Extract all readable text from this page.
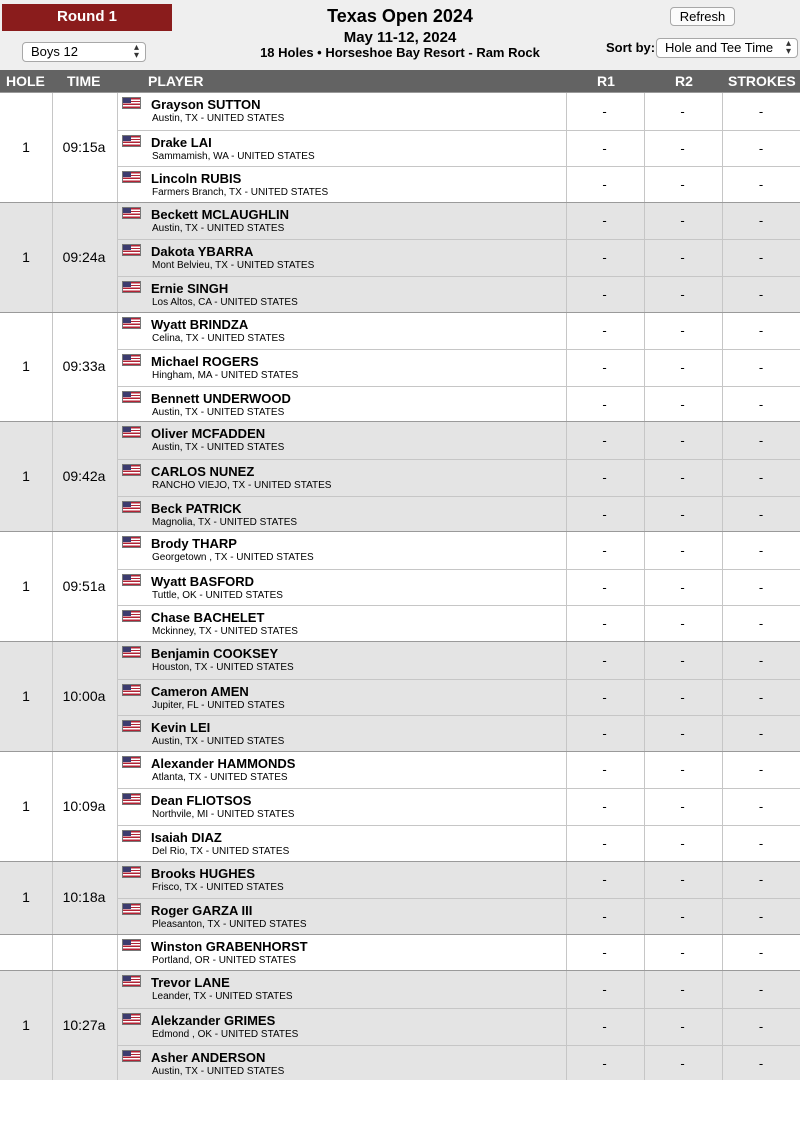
Round 1
Boys 12	▴
▾
Texas Open 2024
May 11-12, 2024
18 Holes • Horseshoe Bay Resort - Ram Rock
Refresh
Sort by: Hole and Tee Time ▴
▾
HOLE TIME	PLAYER	R1	R2	STROKES
1	09:15a
Grayson SUTTON
Austin, TX - UNITED STATES	-	-	-
Drake LAI
Sammamish, WA - UNITED STATES
-	-	-
Lincoln RUBIS
Farmers Branch, TX - UNITED STATES
-	-	-
1	09:24a
Beckett MCLAUGHLIN
Austin, TX - UNITED STATES	-	-	-
Dakota YBARRA
Mont Belvieu, TX - UNITED STATES
-	-	-
Ernie SINGH
Los Altos, CA - UNITED STATES
-	-	-
1	09:33a
Wyatt BRINDZA
Celina, TX - UNITED STATES	-	-	-
Michael ROGERS
Hingham, MA - UNITED STATES
-	-	-
Bennett UNDERWOOD
Austin, TX - UNITED STATES
-	-	-
1	09:42a
Oliver MCFADDEN
Austin, TX - UNITED STATES	-	-	-
CARLOS NUNEZ
RANCHO VIEJO, TX - UNITED STATES
-	-	-
Beck PATRICK
Magnolia, TX - UNITED STATES
-	-	-
1	09:51a
Brody THARP
Georgetown , TX - UNITED STATES	-	-	-
Wyatt BASFORD
Tuttle, OK - UNITED STATES
-	-	-
Chase BACHELET
Mckinney, TX - UNITED STATES
-	-	-
1	10:00a
Benjamin COOKSEY
Houston, TX - UNITED STATES	-	-	-
Cameron AMEN
Jupiter, FL - UNITED STATES
-	-	-
Kevin LEI
Austin, TX - UNITED STATES
-	-	-
1	10:09a
Alexander HAMMONDS
Atlanta, TX - UNITED STATES	-	-	-
Dean FLIOTSOS
Northvile, MI - UNITED STATES
-	-	-
Isaiah DIAZ
Del Rio, TX - UNITED STATES
-	-	-
1	10:18a
Brooks HUGHES
Frisco, TX - UNITED STATES	-	-	-
Roger GARZA III
Pleasanton, TX - UNITED STATES
-	-	-
Winston GRABENHORST
Portland, OR - UNITED STATES	-	-	-
1	10:27a
Trevor LANE
Leander, TX - UNITED STATES	-	-	-
Alekzander GRIMES
Edmond , OK - UNITED STATES
-	-	-
Asher ANDERSON
Austin, TX - UNITED STATES
-	-	-
